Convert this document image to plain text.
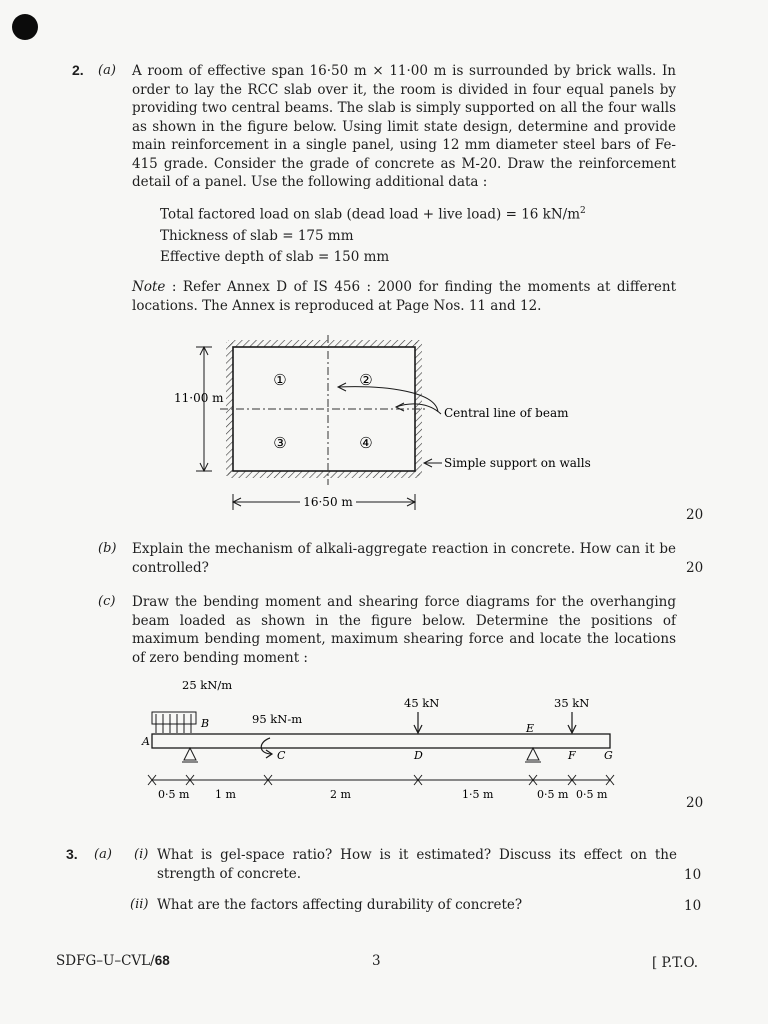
2. (a) A room of effective span 16·50 m × 11·00 m is surrounded by brick walls. In order to lay the RCC slab over it, the room is divided in four equal panels by providing two central beams. The slab is simply supported on all the four walls as shown in the figure below. Using limit state design, determine and provide main reinforcement in a single panel, using 12 mm diameter steel bars of Fe-415 grade. Consider the grade of concrete as M-20. Draw the reinforcement detail of a panel. Use the following additional data :
Total factored load on slab (dead load + live load) = 16 $kN/m^2$
Thickness of slab = 175 mm
Effective depth of slab = 150 mm
Note : Refer Annex D of IS 456 : 2000 for finding the moments at different locations. The Annex is reproduced at Page Nos. 11 and 12.
①	②
③	④
11·00 m
16·50 m
Central line of beam
Simple support on walls
20
(b) Explain the mechanism of alkali-aggregate reaction in concrete. How can it be controlled?	20
(c) Draw the bending moment and shearing force diagrams for the overhanging beam loaded as shown in the figure below. Determine the positions of maximum bending moment, maximum shearing force and locate the locations of zero bending moment :
A
25 kN/m
B	95 kN-m
C
45 kN
D
E
35 kN
F	G
0·5 m 1 m	2 m	1·5 m	0·5 m 0·5 m
20
3. (a) (i) What is gel-space ratio? How is it estimated? Discuss its effect on the strength of concrete.	10
(ii) What are the factors affecting durability of concrete?	10
SDFG–U–CVL/68	3	[ P.T.O.
